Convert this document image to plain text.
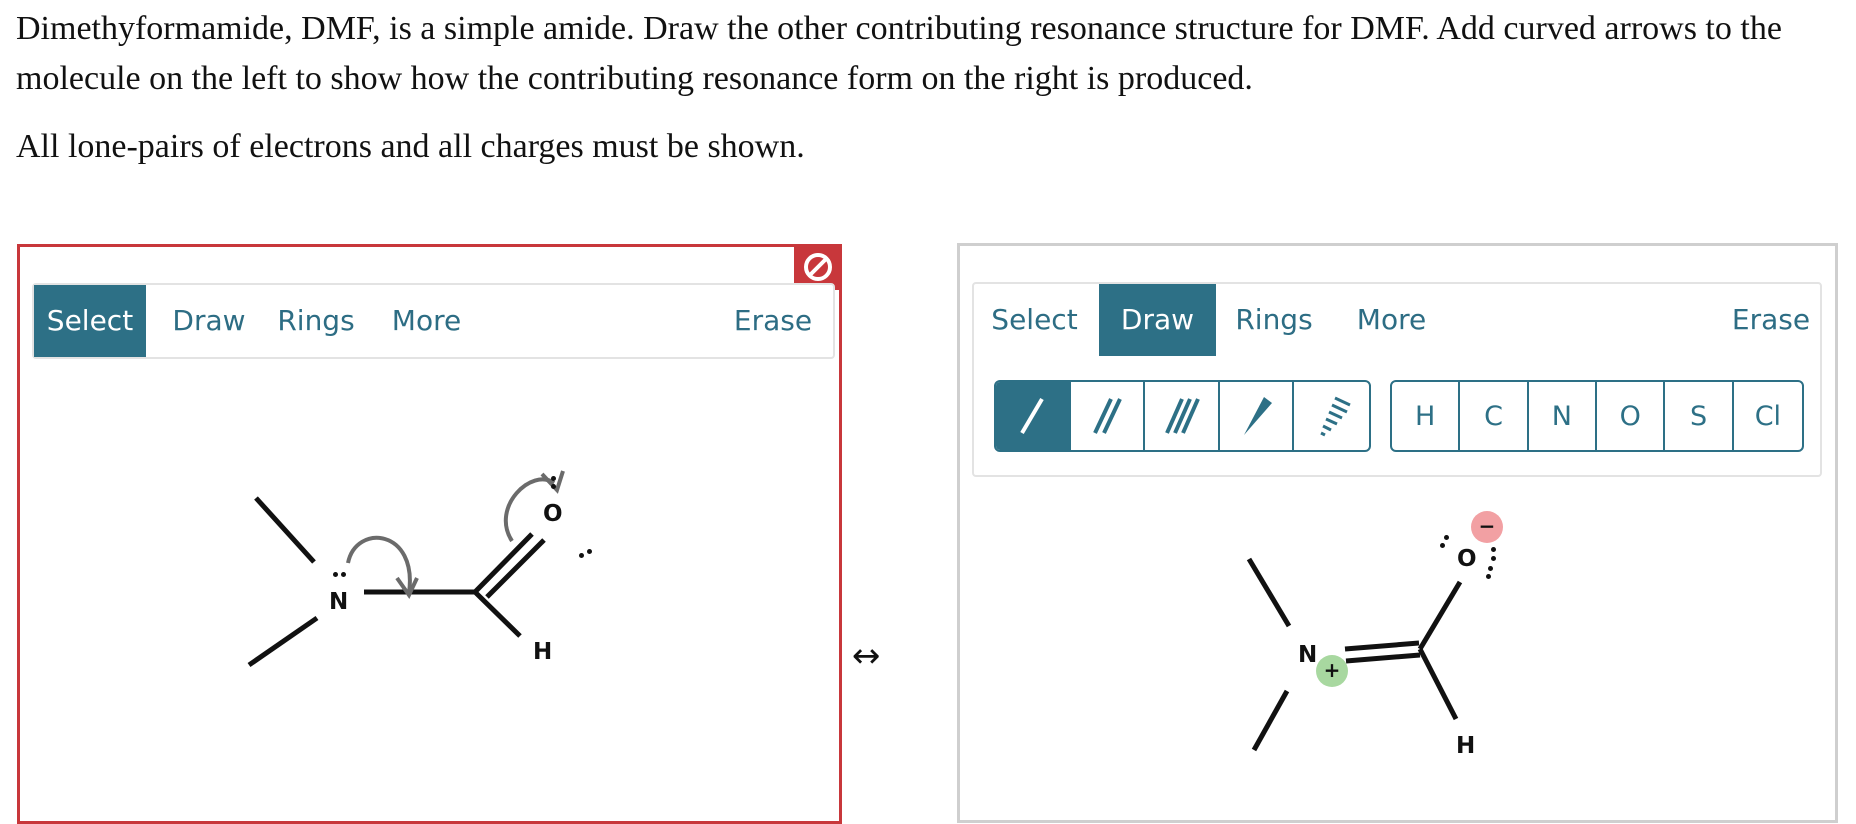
Dimethyformamide, DMF, is a simple amide. Draw the other contributing resonance structure for DMF. Add curved arrows to the molecule on the left to show how the contributing resonance form on the right is produced.

All lone-pairs of electrons and all charges must be shown.

Select	Draw Rings More	Erase
N
O
H	↔
Select	Draw	Rings More	Erase
H	C	N	O	S	Cl
N
+
O
−
H
